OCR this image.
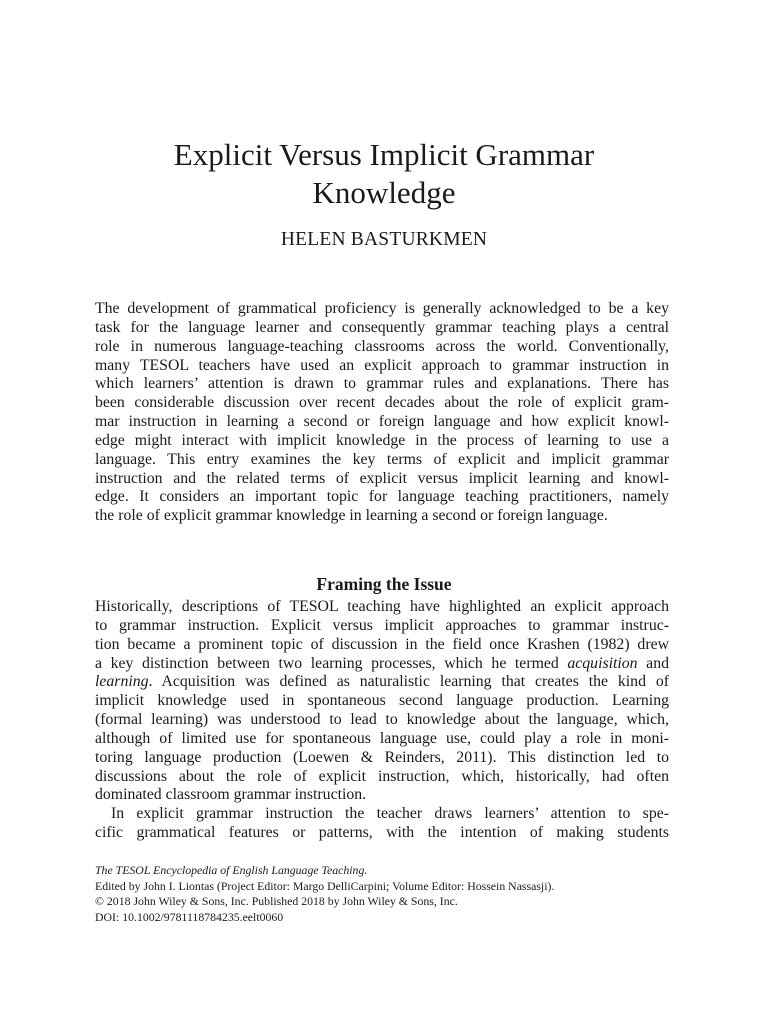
Explicit Versus Implicit Grammar
Knowledge
HELEN BASTURKMEN
The development of grammatical proficiency is generally acknowledged to be a key
task for the language learner and consequently grammar teaching plays a central
role in numerous language-teaching classrooms across the world. Conventionally,
many TESOL teachers have used an explicit approach to grammar instruction in
which learners’ attention is drawn to grammar rules and explanations. There has
been considerable discussion over recent decades about the role of explicit gram-
mar instruction in learning a second or foreign language and how explicit knowl-
edge might interact with implicit knowledge in the process of learning to use a
language. This entry examines the key terms of explicit and implicit grammar
instruction and the related terms of explicit versus implicit learning and knowl-
edge. It considers an important topic for language teaching practitioners, namely
the role of explicit grammar knowledge in learning a second or foreign language.
Framing the Issue
Historically, descriptions of TESOL teaching have highlighted an explicit approach
to grammar instruction. Explicit versus implicit approaches to grammar instruc-
tion became a prominent topic of discussion in the field once Krashen (1982) drew
a key distinction between two learning processes, which he termed acquisition and
learning. Acquisition was defined as naturalistic learning that creates the kind of
implicit knowledge used in spontaneous second language production. Learning
(formal learning) was understood to lead to knowledge about the language, which,
although of limited use for spontaneous language use, could play a role in moni-
toring language production (Loewen & Reinders, 2011). This distinction led to
discussions about the role of explicit instruction, which, historically, had often
dominated classroom grammar instruction.
In explicit grammar instruction the teacher draws learners’ attention to spe-
cific grammatical features or patterns, with the intention of making students
The TESOL Encyclopedia of English Language Teaching.
Edited by John I. Liontas (Project Editor: Margo DelliCarpini; Volume Editor: Hossein Nassasji).
© 2018 John Wiley & Sons, Inc. Published 2018 by John Wiley & Sons, Inc.
DOI: 10.1002/9781118784235.eelt0060
